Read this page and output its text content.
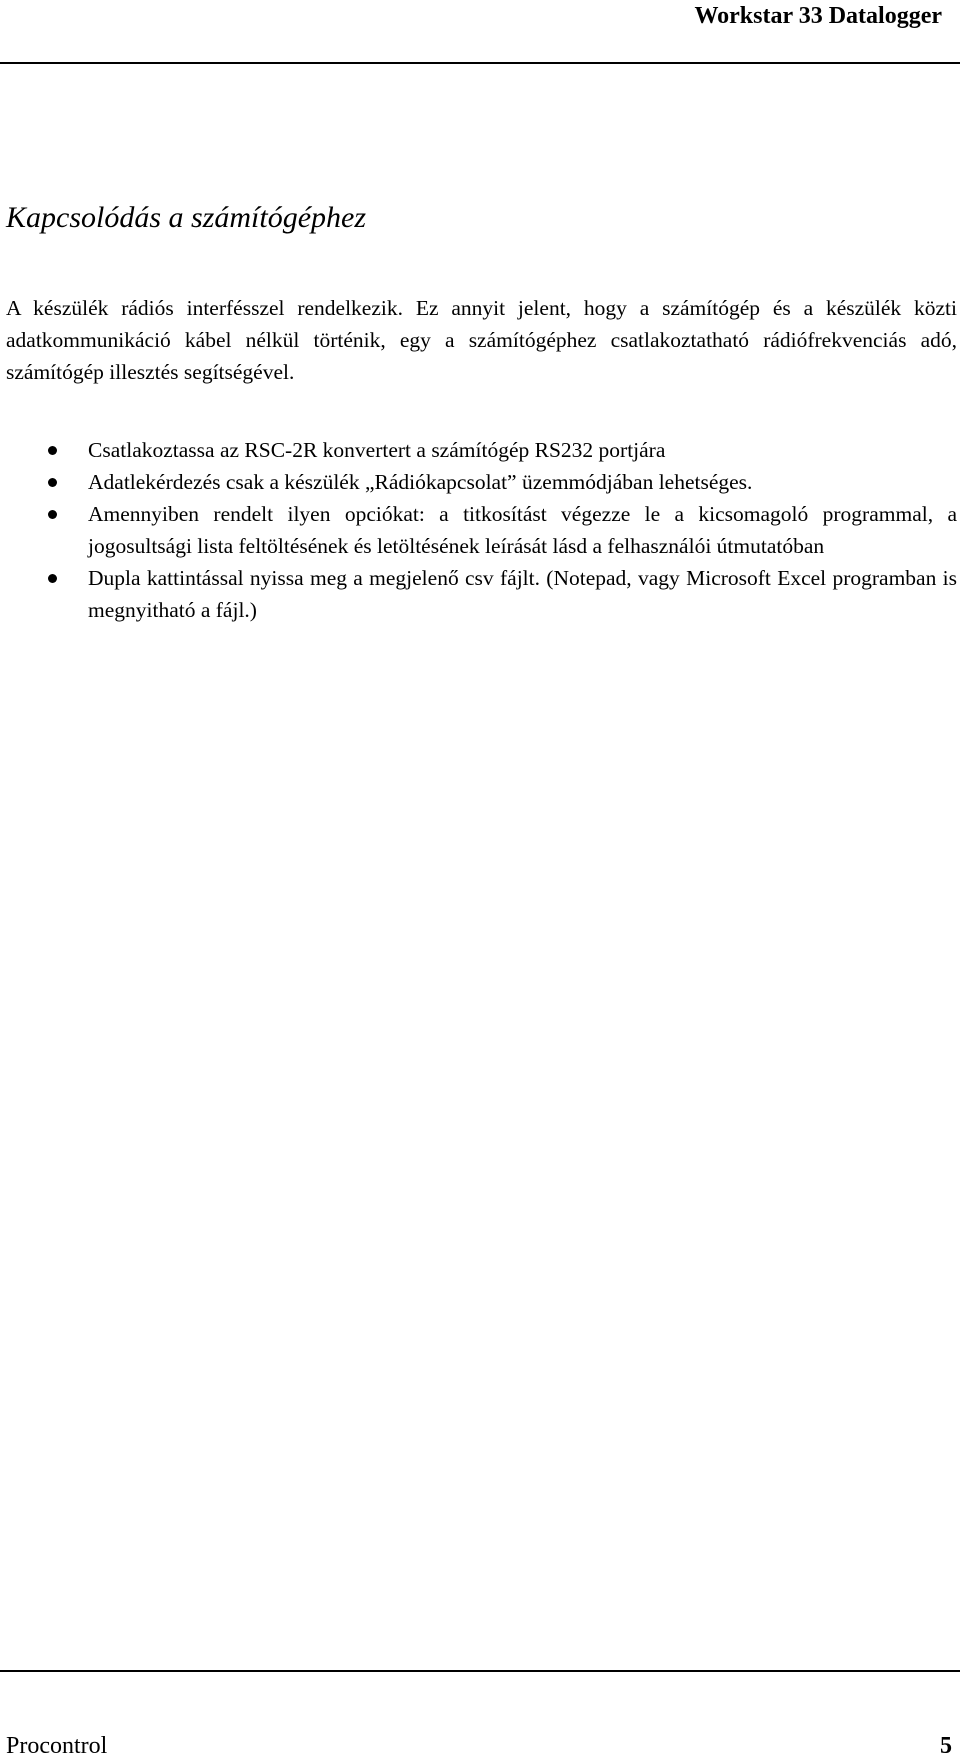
Workstar 33 Datalogger
Kapcsolódás a számítógéphez

A készülék rádiós interfésszel rendelkezik. Ez annyit jelent, hogy a számítógép és a készülék közti adatkommunikáció kábel nélkül történik, egy a számítógéphez csatlakoztatható rádiófrekvenciás adó, számítógép illesztés segítségével.

Csatlakoztassa az RSC-2R konvertert a számítógép RS232 portjára
Adatlekérdezés csak a készülék „Rádiókapcsolat” üzemmódjában lehetséges.
Amennyiben rendelt ilyen opciókat: a titkosítást végezze le a kicsomagoló programmal, a jogosultsági lista feltöltésének és letöltésének leírását lásd a felhasználói útmutatóban
Dupla kattintással nyissa meg a megjelenő csv fájlt. (Notepad, vagy Microsoft Excel programban is megnyitható a fájl.)
Procontrol	5
